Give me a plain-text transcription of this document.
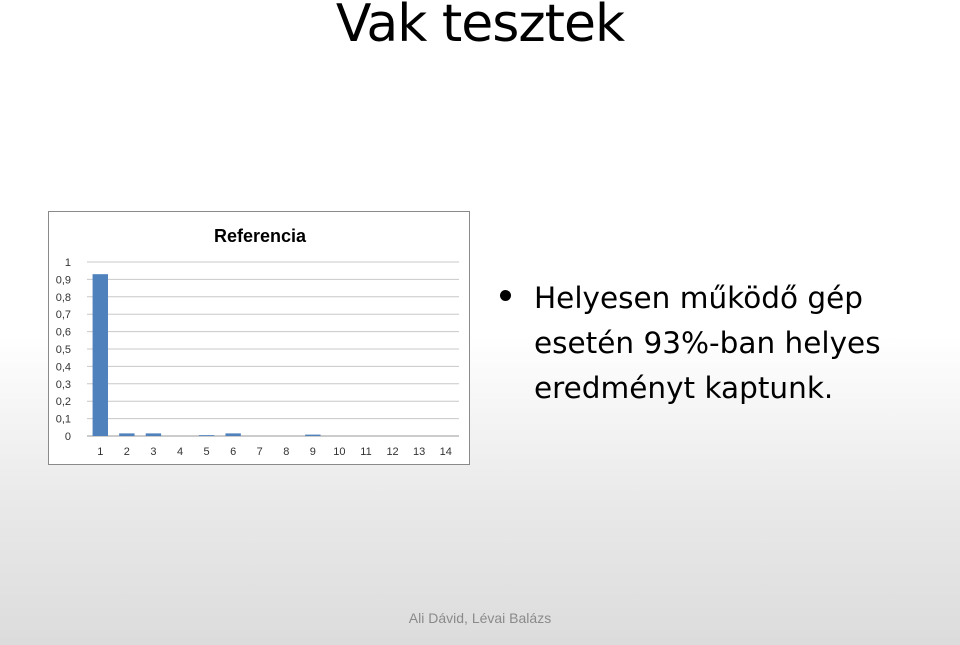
Vak tesztek
Referencia
0
0,1
0,2
0,3
0,4
0,5
0,6
0,7
0,8
0,9
1
1 2 3 4 5 6 7 8 9 10 11 12 13 14
Helyesen működő gép esetén 93%-ban helyes eredményt kaptunk.
Ali Dávid, Lévai Balázs
